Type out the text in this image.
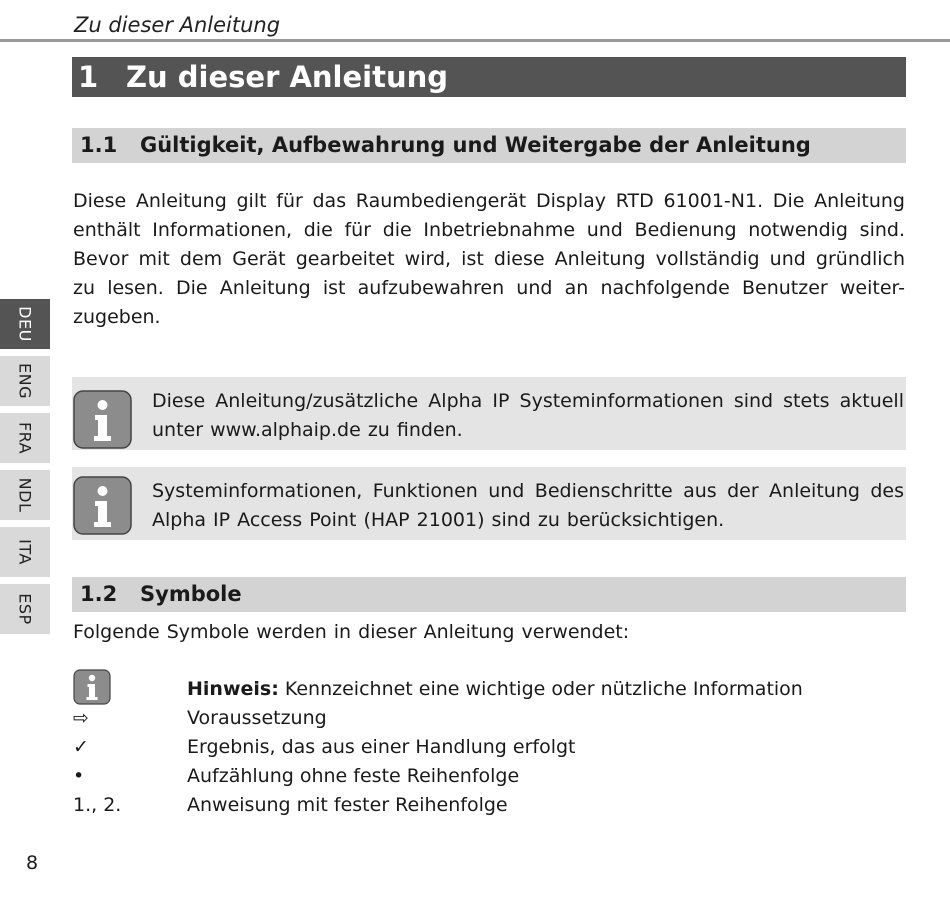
Zu dieser Anleitung
1 Zu dieser Anleitung
1.1 Gültigkeit, Aufbewahrung und Weitergabe der Anleitung
Diese Anleitung gilt für das Raumbediengerät Display RTD 61001-N1. Die Anleitung
enthält Informationen, die für die Inbetriebnahme und Bedienung notwendig sind.
Bevor mit dem Gerät gearbeitet wird, ist diese Anleitung vollständig und gründlich
zu lesen. Die Anleitung ist aufzubewahren und an nachfolgende Benutzer weiter-
zugeben.
Diese Anleitung/zusätzliche Alpha IP Systeminformationen sind stets aktuell
unter www.alphaip.de zu finden.
Systeminformationen, Funktionen und Bedienschritte aus der Anleitung des
Alpha IP Access Point (HAP 21001) sind zu berücksichtigen.
1.2 Symbole
Folgende Symbole werden in dieser Anleitung verwendet:
Hinweis: Kennzeichnet eine wichtige oder nützliche Information
⇨	Voraussetzung
✓	Ergebnis, das aus einer Handlung erfolgt
•	Aufzählung ohne feste Reihenfolge
1., 2.	Anweisung mit fester Reihenfolge
DEU
ENG
FRA
NDL
ITA
ESP
8
